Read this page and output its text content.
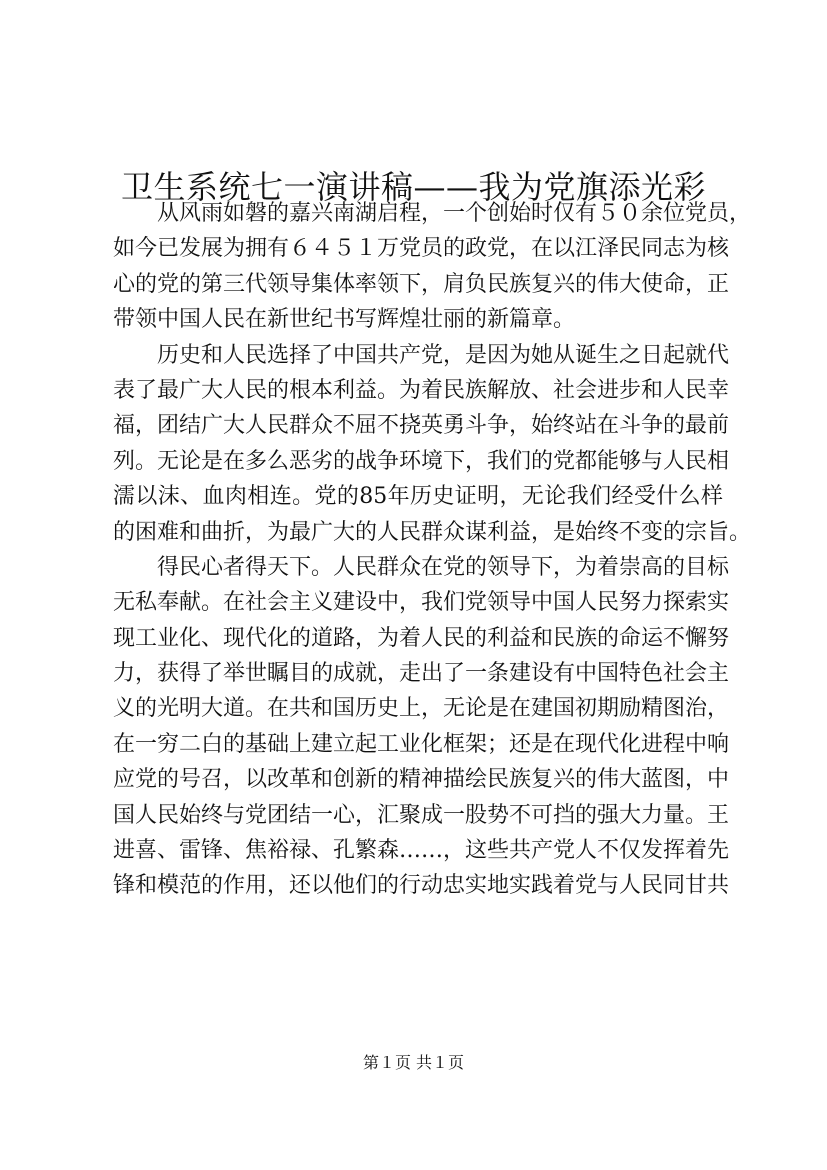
卫生系统七一演讲稿——我为党旗添光彩
从风雨如磐的嘉兴南湖启程，一个创始时仅有５０余位党员，
如今已发展为拥有６４５１万党员的政党，在以江泽民同志为核
心的党的第三代领导集体率领下，肩负民族复兴的伟大使命，正
带领中国人民在新世纪书写辉煌壮丽的新篇章。
历史和人民选择了中国共产党，是因为她从诞生之日起就代
表了最广大人民的根本利益。为着民族解放、社会进步和人民幸
福，团结广大人民群众不屈不挠英勇斗争，始终站在斗争的最前
列。无论是在多么恶劣的战争环境下，我们的党都能够与人民相
濡以沫、血肉相连。党的85年历史证明，无论我们经受什么样
的困难和曲折，为最广大的人民群众谋利益，是始终不变的宗旨。
得民心者得天下。人民群众在党的领导下，为着崇高的目标
无私奉献。在社会主义建设中，我们党领导中国人民努力探索实
现工业化、现代化的道路，为着人民的利益和民族的命运不懈努
力，获得了举世瞩目的成就，走出了一条建设有中国特色社会主
义的光明大道。在共和国历史上，无论是在建国初期励精图治，
在一穷二白的基础上建立起工业化框架；还是在现代化进程中响
应党的号召，以改革和创新的精神描绘民族复兴的伟大蓝图，中
国人民始终与党团结一心，汇聚成一股势不可挡的强大力量。王
进喜、雷锋、焦裕禄、孔繁森……，这些共产党人不仅发挥着先
锋和模范的作用，还以他们的行动忠实地实践着党与人民同甘共
第１页 共１页
